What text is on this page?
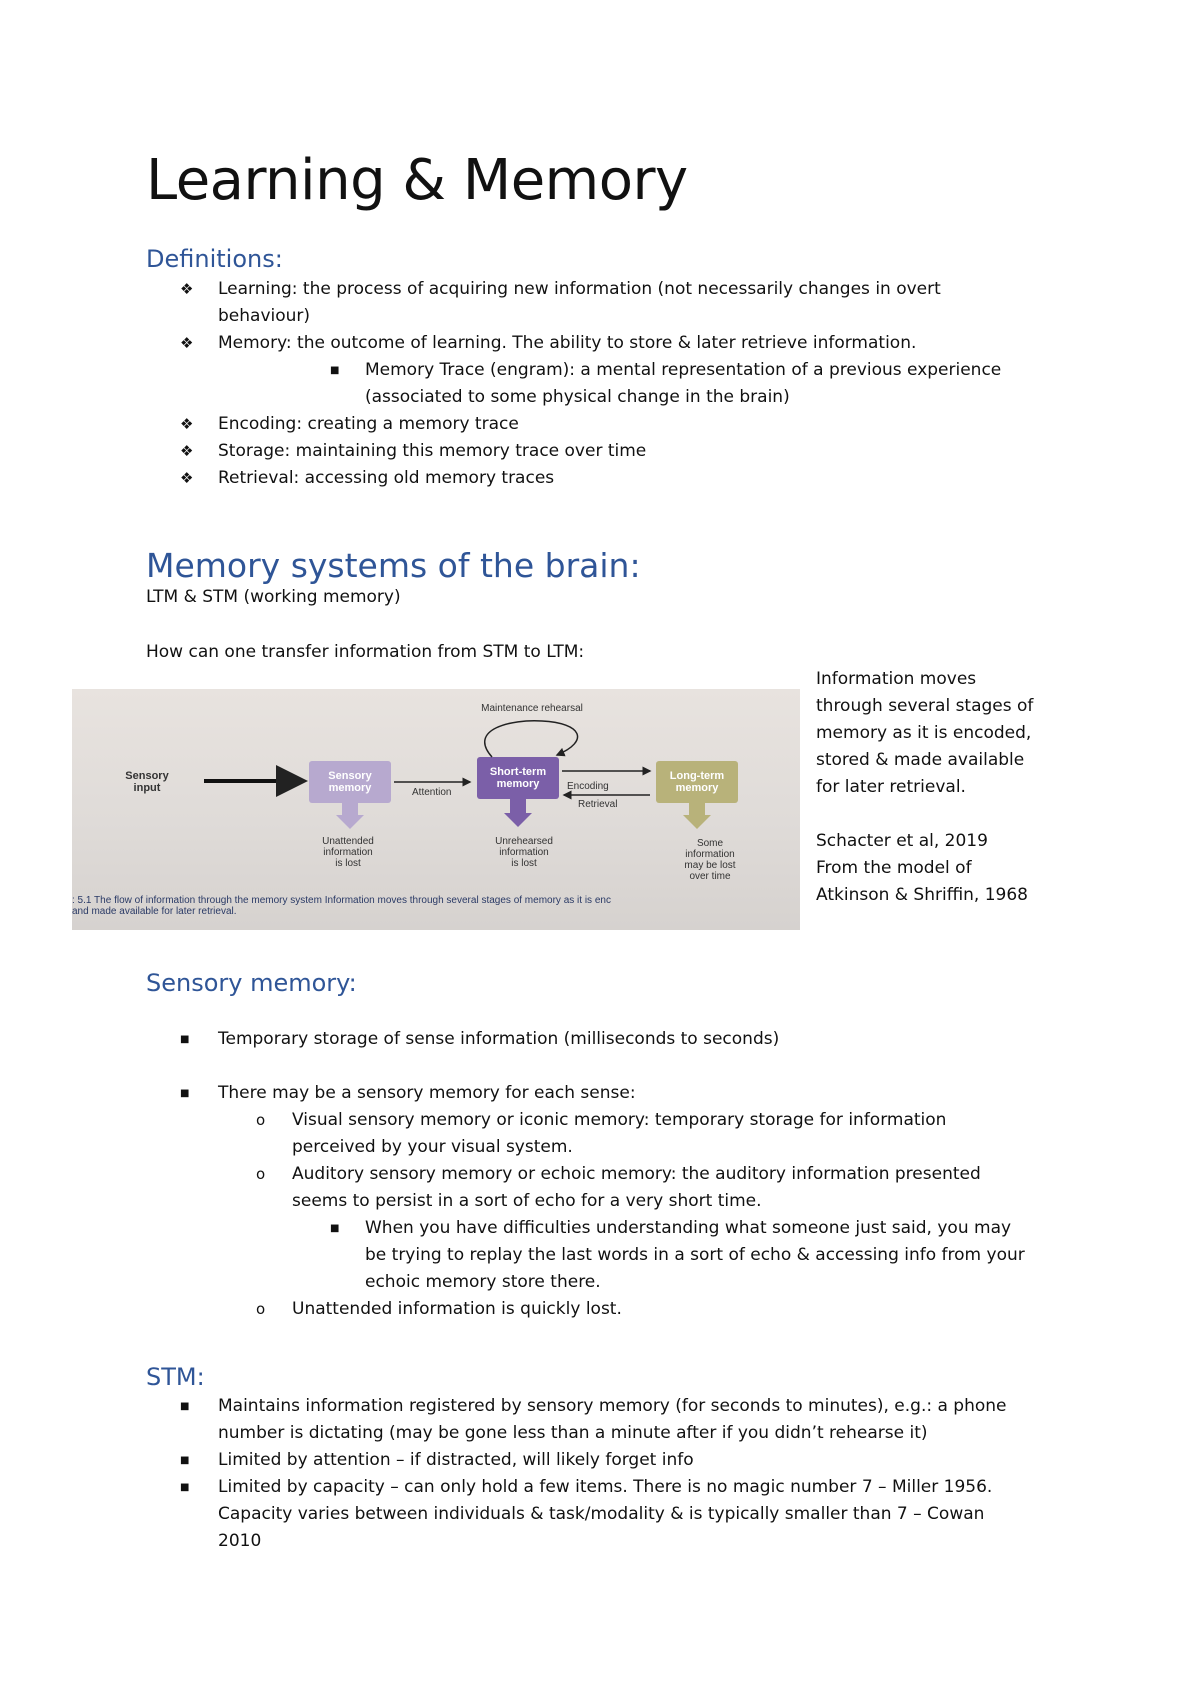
Learning & Memory
Definitions:
❖	Learning: the process of acquiring new information (not necessarily changes in overt
behaviour)
❖	Memory: the outcome of learning. The ability to store & later retrieve information.
■	Memory Trace (engram): a mental representation of a previous experience
(associated to some physical change in the brain)
❖	Encoding: creating a memory trace
❖	Storage: maintaining this memory trace over time
❖	Retrieval: accessing old memory traces
Memory systems of the brain:
LTM & STM (working memory)
How can one transfer information from STM to LTM:
Sensory
input
Sensory
memory	Attention
Short-term
memory
Maintenance rehearsal
Encoding
Retrieval
Long-term
memory
Unattended
information
is lost
Unrehearsed
information
is lost
Some
information
may be lost
over time
: 5.1 The flow of information through the memory system Information moves through several stages of memory as it is enc
and made available for later retrieval.
Information moves
through several stages of
memory as it is encoded,
stored & made available
for later retrieval.
Schacter et al, 2019
From the model of
Atkinson & Shriffin, 1968
Sensory memory:
■	Temporary storage of sense information (milliseconds to seconds)
■	There may be a sensory memory for each sense:
o	Visual sensory memory or iconic memory: temporary storage for information
perceived by your visual system.
o	Auditory sensory memory or echoic memory: the auditory information presented
seems to persist in a sort of echo for a very short time.
■	When you have difficulties understanding what someone just said, you may
be trying to replay the last words in a sort of echo & accessing info from your
echoic memory store there.
o	Unattended information is quickly lost.
STM:
■	Maintains information registered by sensory memory (for seconds to minutes), e.g.: a phone
number is dictating (may be gone less than a minute after if you didn’t rehearse it)
■	Limited by attention – if distracted, will likely forget info
■	Limited by capacity – can only hold a few items. There is no magic number 7 – Miller 1956.
Capacity varies between individuals & task/modality & is typically smaller than 7 – Cowan
2010
